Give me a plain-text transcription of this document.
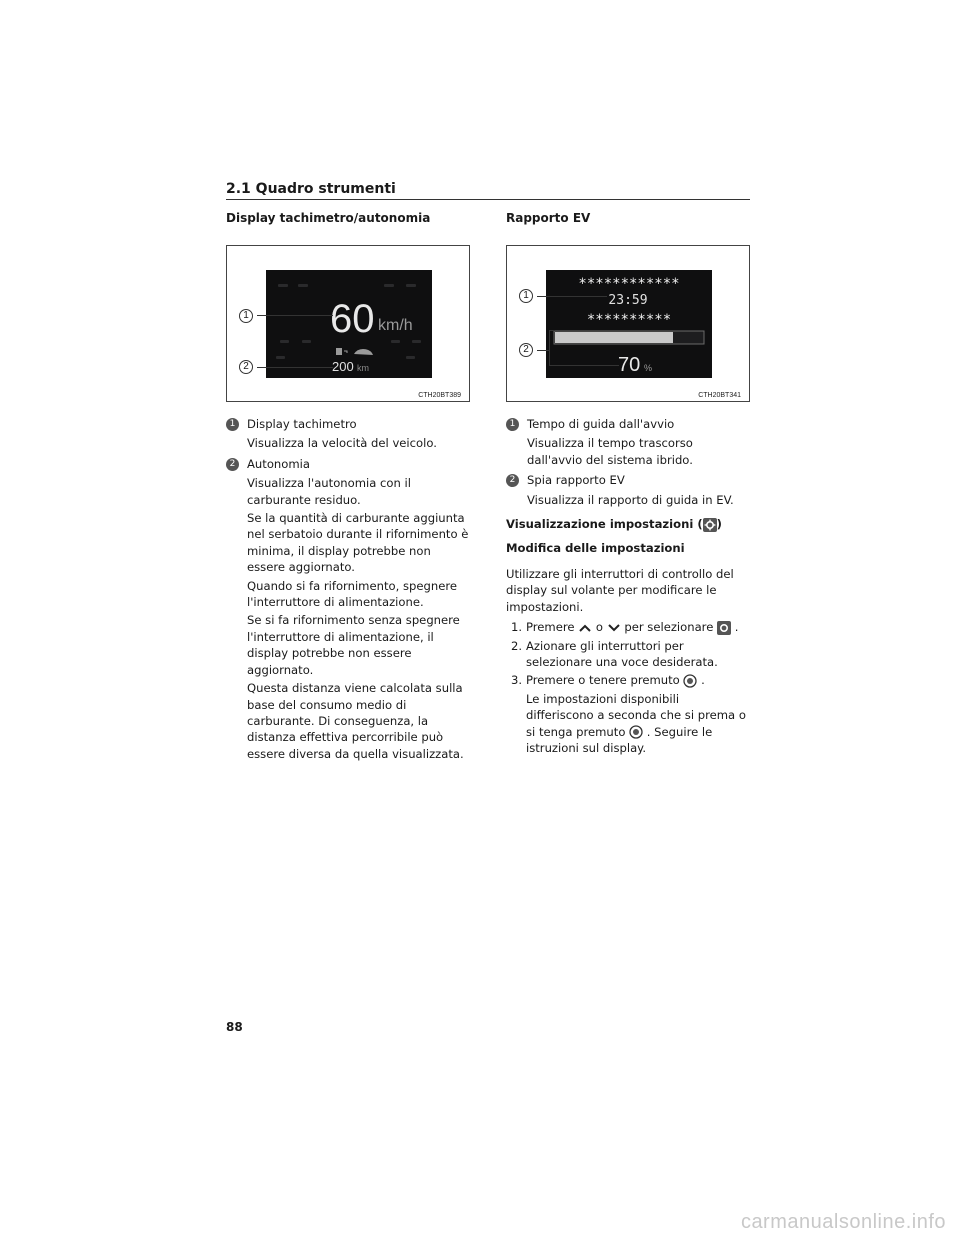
2.1 Quadro strumenti
Display tachimetro/autonomia
60 km/h
200 km
1
2
CTH20BT389
1	Display tachimetro

Visualizza la velocità del veicolo.

2	Autonomia

Visualizza l'autonomia con il carburante residuo.

Se la quantità di carburante aggiunta nel serbatoio durante il rifornimento è minima, il display potrebbe non essere aggiornato.

Quando si fa rifornimento, spegnere l'interruttore di alimentazione.

Se si fa rifornimento senza spegnere l'interruttore di alimentazione, il display potrebbe non essere aggiornato.

Questa distanza viene calcolata sulla base del consumo medio di carburante. Di conseguenza, la distanza effettiva percorribile può essere diversa da quella visualizzata.

Rapporto EV
************
23:59
**********
70 %
1
2
CTH20BT341
1	Tempo di guida dall'avvio

Visualizza il tempo trascorso dall'avvio del sistema ibrido.

2	Spia rapporto EV

Visualizza il rapporto di guida in EV.

Visualizzazione impostazioni ( )
Modifica delle impostazioni

Utilizzare gli interruttori di controllo del display sul volante per modificare le impostazioni.

1. Premere  o  per selezionare  .
2. Azionare gli interruttori per selezionare una voce desiderata.
3. Premere o tenere premuto  .
Le impostazioni disponibili differiscono a seconda che si prema o si tenga premuto  . Seguire le istruzioni sul display.
88
carmanualsonline.info
